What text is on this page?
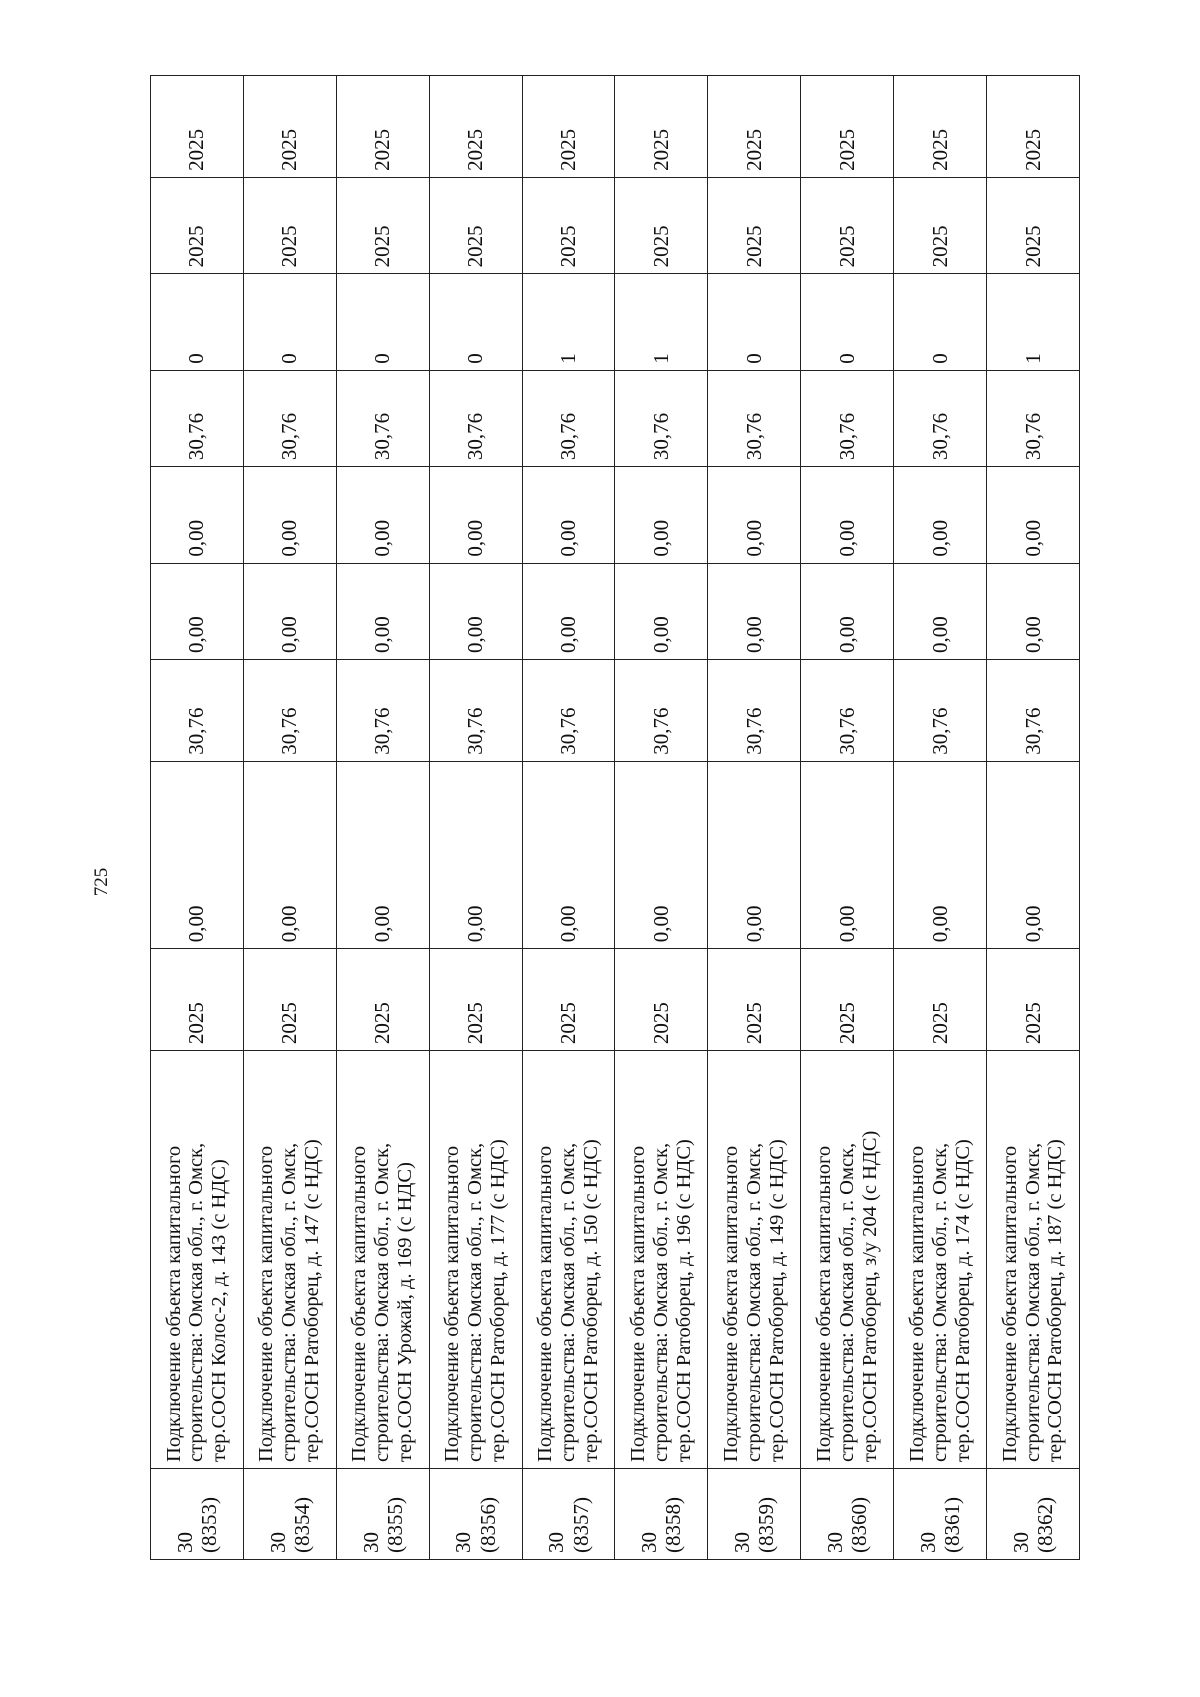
725
30
(8353)	Подключение объекта капитального строительства: Омская обл., г. Омск, тер.СОСН Колос-2, д. 143 (с НДС)	2025	0,00	30,76	0,00	0,00	30,76	0	2025	2025
30
(8354)	Подключение объекта капитального строительства: Омская обл., г. Омск, тер.СОСН Ратоборец, д. 147 (с НДС)	2025	0,00	30,76	0,00	0,00	30,76	0	2025	2025
30
(8355)	Подключение объекта капитального строительства: Омская обл., г. Омск, тер.СОСН Урожай, д. 169 (с НДС)	2025	0,00	30,76	0,00	0,00	30,76	0	2025	2025
30
(8356)	Подключение объекта капитального строительства: Омская обл., г. Омск, тер.СОСН Ратоборец, д. 177 (с НДС)	2025	0,00	30,76	0,00	0,00	30,76	0	2025	2025
30
(8357)	Подключение объекта капитального строительства: Омская обл., г. Омск, тер.СОСН Ратоборец, д. 150 (с НДС)	2025	0,00	30,76	0,00	0,00	30,76	1	2025	2025
30
(8358)	Подключение объекта капитального строительства: Омская обл., г. Омск, тер.СОСН Ратоборец, д. 196 (с НДС)	2025	0,00	30,76	0,00	0,00	30,76	1	2025	2025
30
(8359)	Подключение объекта капитального строительства: Омская обл., г. Омск, тер.СОСН Ратоборец, д. 149 (с НДС)	2025	0,00	30,76	0,00	0,00	30,76	0	2025	2025
30
(8360)	Подключение объекта капитального строительства: Омская обл., г. Омск, тер.СОСН Ратоборец, з/у 204 (с НДС)	2025	0,00	30,76	0,00	0,00	30,76	0	2025	2025
30
(8361)	Подключение объекта капитального строительства: Омская обл., г. Омск, тер.СОСН Ратоборец, д. 174 (с НДС)	2025	0,00	30,76	0,00	0,00	30,76	0	2025	2025
30
(8362)	Подключение объекта капитального строительства: Омская обл., г. Омск, тер.СОСН Ратоборец, д. 187 (с НДС)	2025	0,00	30,76	0,00	0,00	30,76	1	2025	2025
